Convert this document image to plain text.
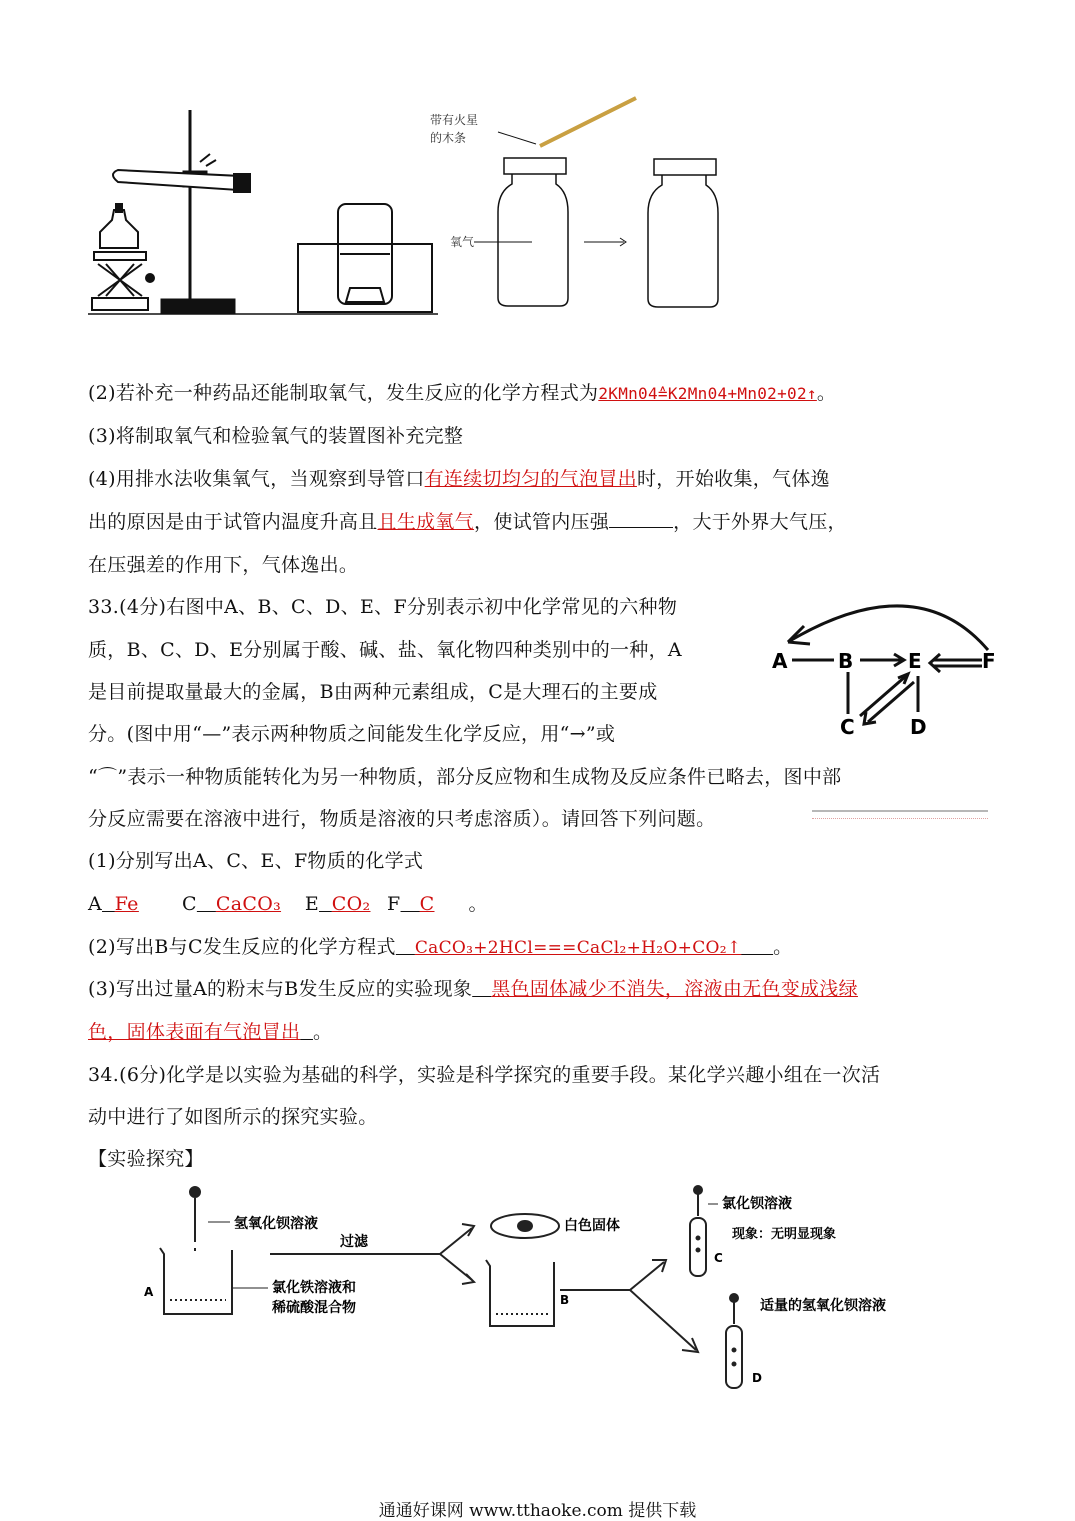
带有火星
的木条
氧气
(2)若补充一种药品还能制取氧气，发生反应的化学方程式为2KMn04≙K2Mn04+Mn02+02↑。
(3)将制取氧气和检验氧气的装置图补充完整
(4)用排水法收集氧气，当观察到导管口有连续切均匀的气泡冒出时，开始收集，气体逸
出的原因是由于试管内温度升高且且生成氧气，使试管内压强	，大于外界大气压，
在压强差的作用下，气体逸出。
33.(4分)右图中A、B、C、D、E、F分别表示初中化学常见的六种物
质，B、C、D、E分别属于酸、碱、盐、氧化物四种类别中的一种，A
是目前提取量最大的金属，B由两种元素组成，C是大理石的主要成
分。(图中用“—”表示两种物质之间能发生化学反应，用“→”或
“⌒”表示一种物质能转化为另一种物质，部分反应物和生成物及反应条件已略去，图中部
分反应需要在溶液中进行，物质是溶液的只考虑溶质）。请回答下列问题。
A	B	E	F
C	D
(1)分别写出A、C、E、F物质的化学式
A Fe C CaCO₃ E CO₂ F C 。
(2)写出B与C发生反应的化学方程式 CaCO₃+2HCl===CaCl₂+H₂O+CO₂↑ 。
(3)写出过量A的粉末与B发生反应的实验现象 黑色固体减少不消失，溶液由无色变成浅绿
色，固体表面有气泡冒出 。
34.(6分)化学是以实验为基础的科学，实验是科学探究的重要手段。某化学兴趣小组在一次活
动中进行了如图所示的探究实验。
【实验探究】
氢氧化钡溶液
氯化铁溶液和
稀硫酸混合物
过滤
白色固体
氯化钡溶液
现象：无明显现象
适量的氢氧化钡溶液
A
B
C
D
通通好课网 www.tthaoke.com 提供下载
